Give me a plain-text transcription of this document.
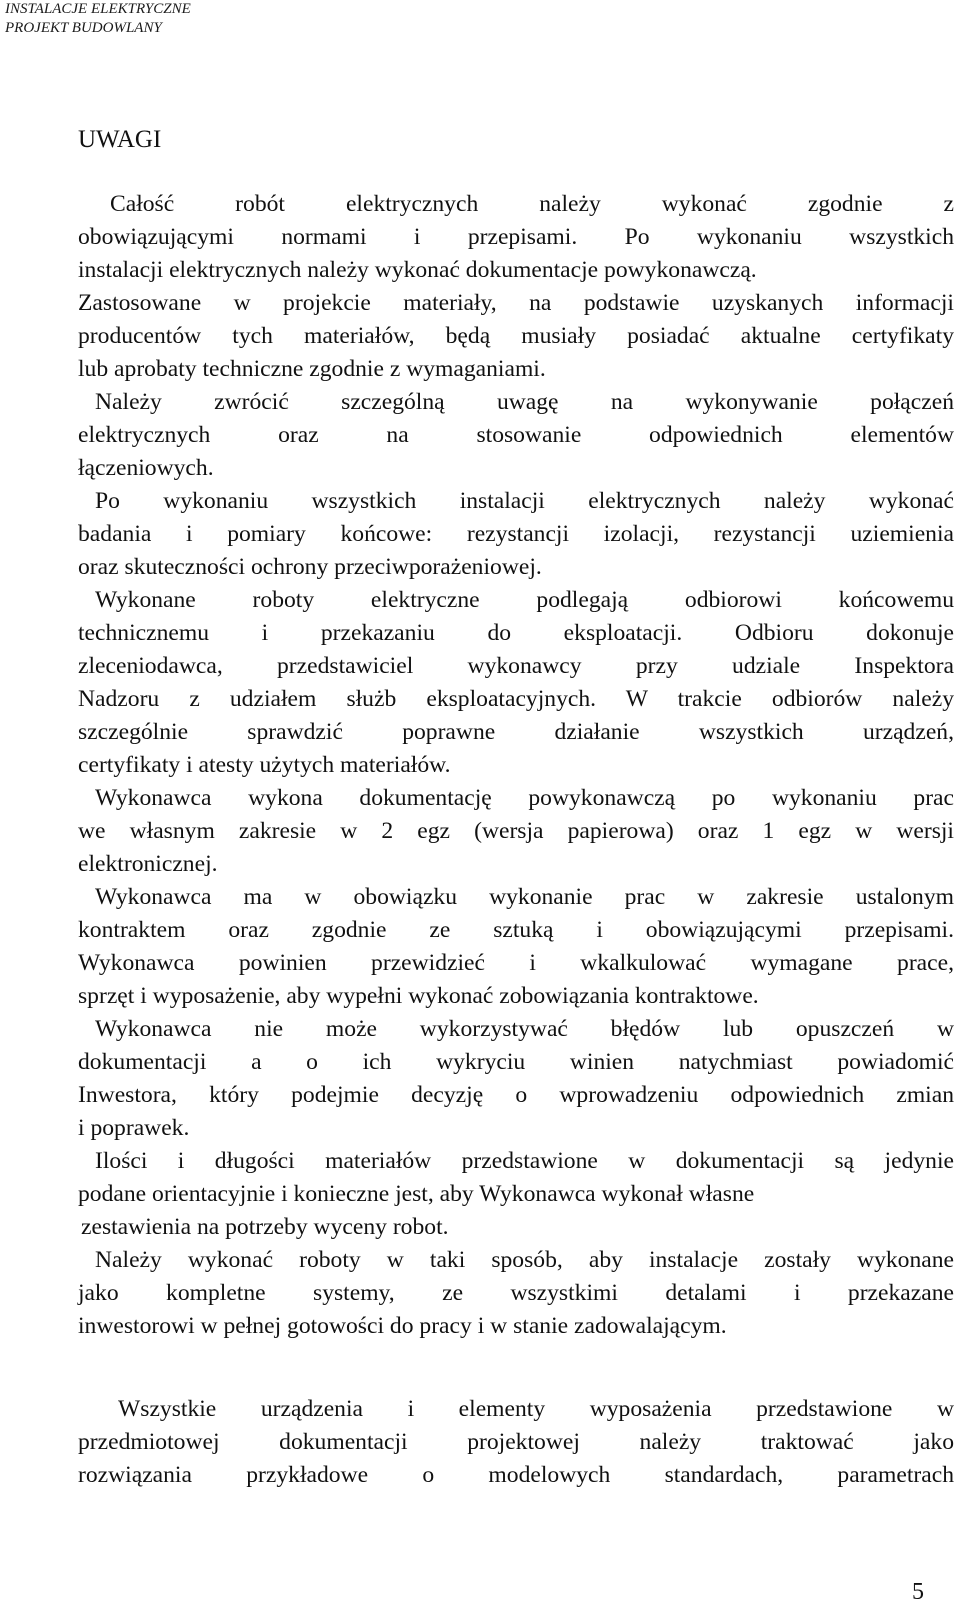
INSTALACJE ELEKTRYCZNE
PROJEKT BUDOWLANY
UWAGI
Całość robót elektrycznych należy wykonać zgodnie z
obowiązującymi normami i przepisami. Po wykonaniu wszystkich
instalacji elektrycznych należy wykonać dokumentacje powykonawczą.
Zastosowane w projekcie materiały, na podstawie uzyskanych informacji
producentów tych materiałów, będą musiały posiadać aktualne certyfikaty
lub aprobaty techniczne zgodnie z wymaganiami.
Należy zwrócić szczególną uwagę na wykonywanie połączeń
elektrycznych oraz na stosowanie odpowiednich elementów
łączeniowych.
Po wykonaniu wszystkich instalacji elektrycznych należy wykonać
badania i pomiary końcowe: rezystancji izolacji, rezystancji uziemienia
oraz skuteczności ochrony przeciwporażeniowej.
Wykonane roboty elektryczne podlegają odbiorowi końcowemu
technicznemu i przekazaniu do eksploatacji. Odbioru dokonuje
zleceniodawca, przedstawiciel wykonawcy przy udziale Inspektora
Nadzoru z udziałem służb eksploatacyjnych. W trakcie odbiorów należy
szczególnie sprawdzić poprawne działanie wszystkich urządzeń,
certyfikaty i atesty użytych materiałów.
Wykonawca wykona dokumentację powykonawczą po wykonaniu prac
we własnym zakresie w 2 egz (wersja papierowa) oraz 1 egz w wersji
elektronicznej.
Wykonawca ma w obowiązku wykonanie prac w zakresie ustalonym
kontraktem oraz zgodnie ze sztuką i obowiązującymi przepisami.
Wykonawca powinien przewidzieć i wkalkulować wymagane prace,
sprzęt i wyposażenie, aby wypełni wykonać zobowiązania kontraktowe.
Wykonawca nie może wykorzystywać błędów lub opuszczeń w
dokumentacji a o ich wykryciu winien natychmiast powiadomić
Inwestora, który podejmie decyzję o wprowadzeniu odpowiednich zmian
i poprawek.
Ilości i długości materiałów przedstawione w dokumentacji są jedynie
podane orientacyjnie i konieczne jest, aby Wykonawca wykonał własne
zestawienia na potrzeby wyceny robot.
Należy wykonać roboty w taki sposób, aby instalacje zostały wykonane
jako kompletne systemy, ze wszystkimi detalami i przekazane
inwestorowi w pełnej gotowości do pracy i w stanie zadowalającym.
Wszystkie urządzenia i elementy wyposażenia przedstawione w
przedmiotowej dokumentacji projektowej należy traktować jako
rozwiązania przykładowe o modelowych standardach, parametrach
5
